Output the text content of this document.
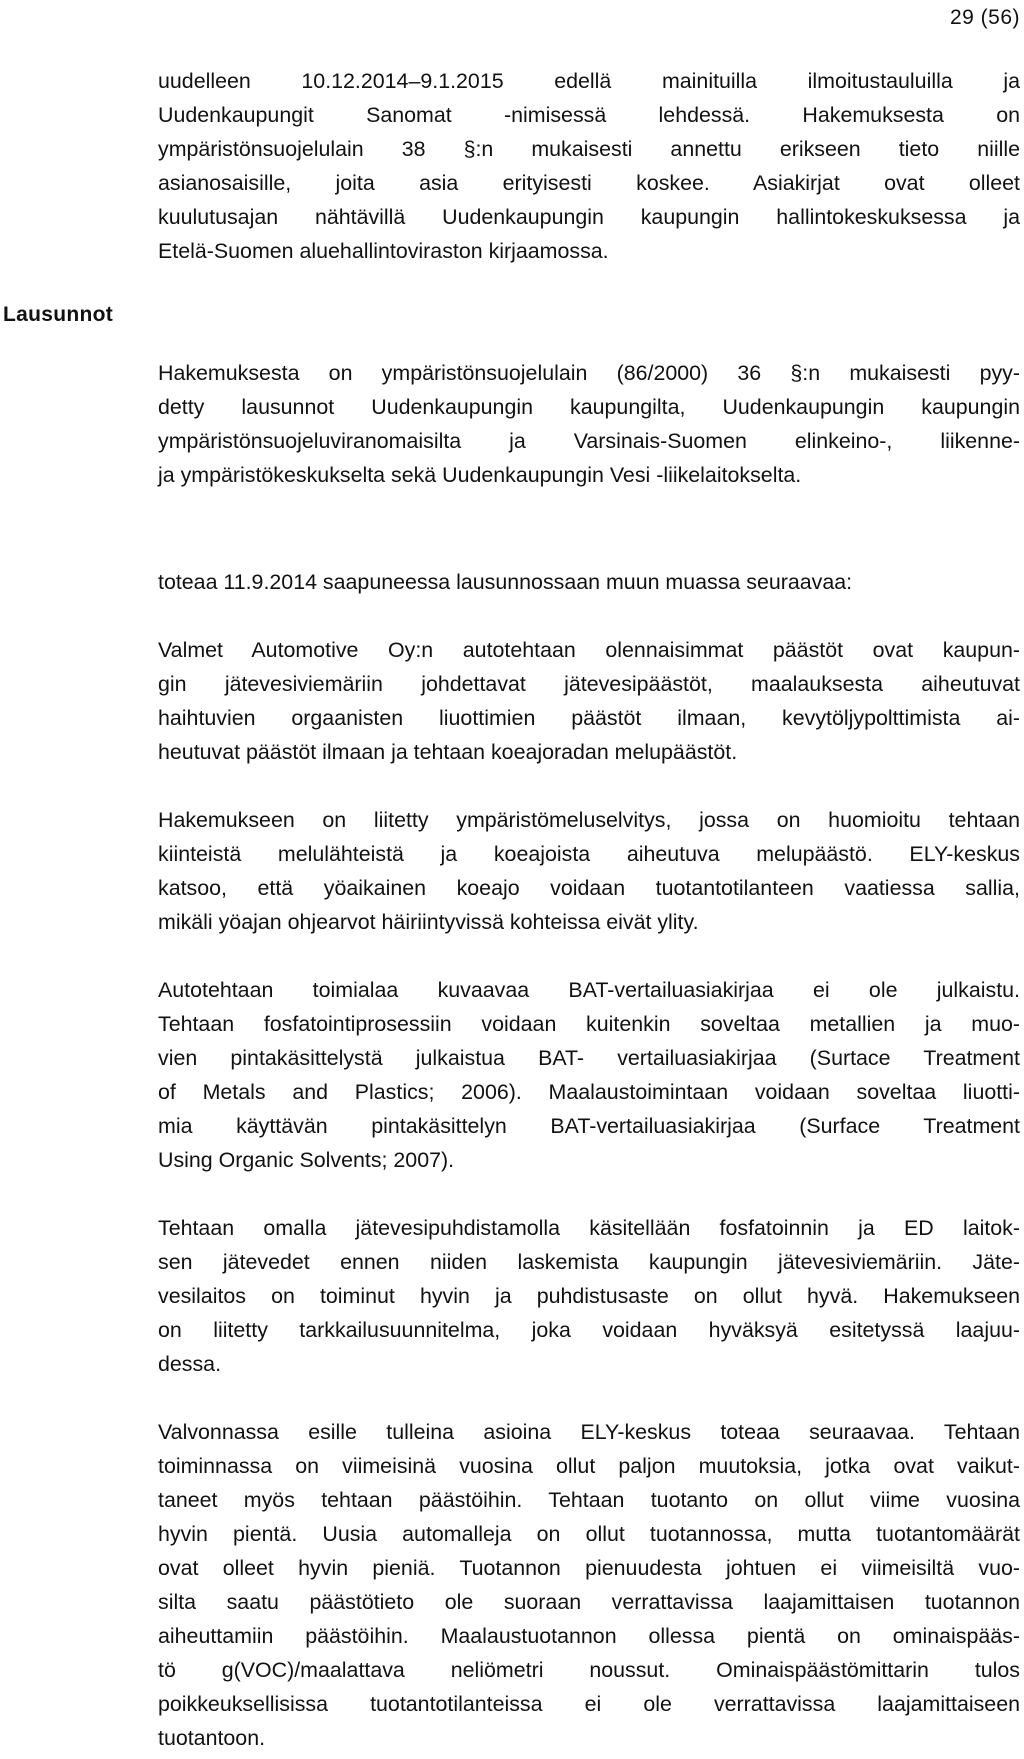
29 (56)
Lausunnot
uudelleen 10.12.2014–9.1.2015 edellä mainituilla ilmoitustauluilla ja
Uudenkaupungit Sanomat -nimisessä lehdessä. Hakemuksesta on
ympäristönsuojelulain 38 §:n mukaisesti annettu erikseen tieto niille
asianosaisille, joita asia erityisesti koskee. Asiakirjat ovat olleet
kuulutusajan nähtävillä Uudenkaupungin kaupungin hallintokeskuksessa ja
Etelä-Suomen aluehallintoviraston kirjaamossa.
Hakemuksesta on ympäristönsuojelulain (86/2000) 36 §:n mukaisesti pyy-
detty lausunnot Uudenkaupungin kaupungilta, Uudenkaupungin kaupungin
ympäristönsuojeluviranomaisilta ja Varsinais-Suomen elinkeino-, liikenne-
ja ympäristökeskukselta sekä Uudenkaupungin Vesi -liikelaitokselta.
toteaa 11.9.2014 saapuneessa lausunnossaan muun muassa seuraavaa:
Valmet Automotive Oy:n autotehtaan olennaisimmat päästöt ovat kaupun-
gin jätevesiviemäriin johdettavat jätevesipäästöt, maalauksesta aiheutuvat
haihtuvien orgaanisten liuottimien päästöt ilmaan, kevytöljypolttimista ai-
heutuvat päästöt ilmaan ja tehtaan koeajoradan melupäästöt.
Hakemukseen on liitetty ympäristömeluselvitys, jossa on huomioitu tehtaan
kiinteistä melulähteistä ja koeajoista aiheutuva melupäästö. ELY-keskus
katsoo, että yöaikainen koeajo voidaan tuotantotilanteen vaatiessa sallia,
mikäli yöajan ohjearvot häiriintyvissä kohteissa eivät ylity.
Autotehtaan toimialaa kuvaavaa BAT-vertailuasiakirjaa ei ole julkaistu.
Tehtaan fosfatointiprosessiin voidaan kuitenkin soveltaa metallien ja muo-
vien pintakäsittelystä julkaistua BAT- vertailuasiakirjaa (Surtace Treatment
of Metals and Plastics; 2006). Maalaustoimintaan voidaan soveltaa liuotti-
mia käyttävän pintakäsittelyn BAT-vertailuasiakirjaa (Surface Treatment
Using Organic Solvents; 2007).
Tehtaan omalla jätevesipuhdistamolla käsitellään fosfatoinnin ja ED laitok-
sen jätevedet ennen niiden laskemista kaupungin jätevesiviemäriin. Jäte-
vesilaitos on toiminut hyvin ja puhdistusaste on ollut hyvä. Hakemukseen
on liitetty tarkkailusuunnitelma, joka voidaan hyväksyä esitetyssä laajuu-
dessa.
Valvonnassa esille tulleina asioina ELY-keskus toteaa seuraavaa. Tehtaan
toiminnassa on viimeisinä vuosina ollut paljon muutoksia, jotka ovat vaikut-
taneet myös tehtaan päästöihin. Tehtaan tuotanto on ollut viime vuosina
hyvin pientä. Uusia automalleja on ollut tuotannossa, mutta tuotantomäärät
ovat olleet hyvin pieniä. Tuotannon pienuudesta johtuen ei viimeisiltä vuo-
silta saatu päästötieto ole suoraan verrattavissa laajamittaisen tuotannon
aiheuttamiin päästöihin. Maalaustuotannon ollessa pientä on ominaispääs-
tö g(VOC)/maalattava neliömetri noussut. Ominaispäästömittarin tulos
poikkeuksellisissa tuotantotilanteissa ei ole verrattavissa laajamittaiseen
tuotantoon.
